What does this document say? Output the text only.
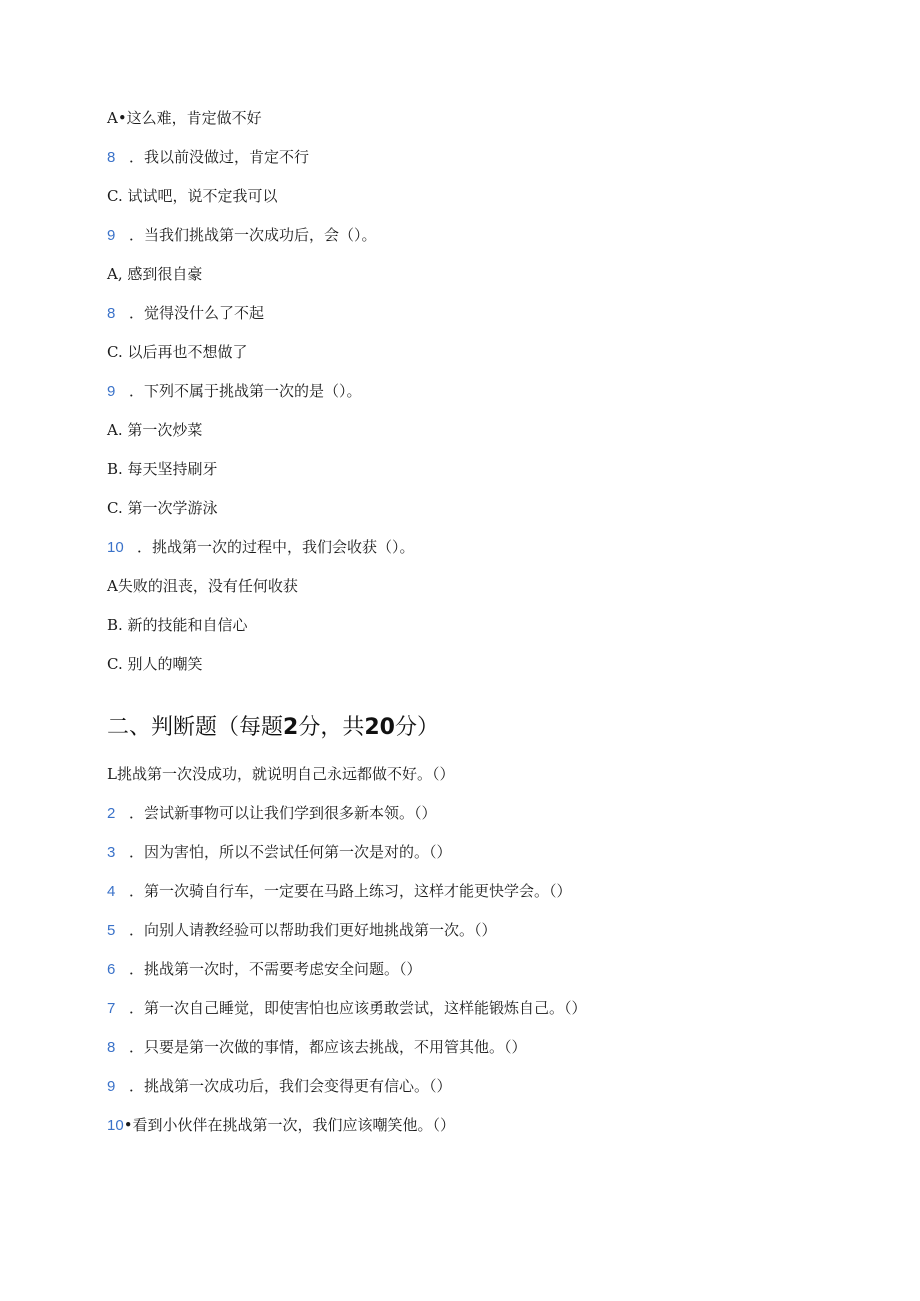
A•这么难，肯定做不好
8 ．我以前没做过，肯定不行
C. 试试吧，说不定我可以
9 ．当我们挑战第一次成功后，会（）。
A, 感到很自豪
8 ．觉得没什么了不起
C. 以后再也不想做了
9 ．下列不属于挑战第一次的是（）。
A. 第一次炒菜
B. 每天坚持刷牙
C. 第一次学游泳
10 ．挑战第一次的过程中，我们会收获（）。
A失败的沮丧，没有任何收获
B. 新的技能和自信心
C. 别人的嘲笑
二、判断题（每题2分，共20分）
L挑战第一次没成功，就说明自己永远都做不好。（）
2 ．尝试新事物可以让我们学到很多新本领。（）
3 ．因为害怕，所以不尝试任何第一次是对的。（）
4 ．第一次骑自行车，一定要在马路上练习，这样才能更快学会。（）
5 ．向别人请教经验可以帮助我们更好地挑战第一次。（）
6 ．挑战第一次时，不需要考虑安全问题。（）
7 ．第一次自己睡觉，即使害怕也应该勇敢尝试，这样能锻炼自己。（）
8 ．只要是第一次做的事情，都应该去挑战，不用管其他。（）
9 ．挑战第一次成功后，我们会变得更有信心。（）
10•看到小伙伴在挑战第一次，我们应该嘲笑他。（）
